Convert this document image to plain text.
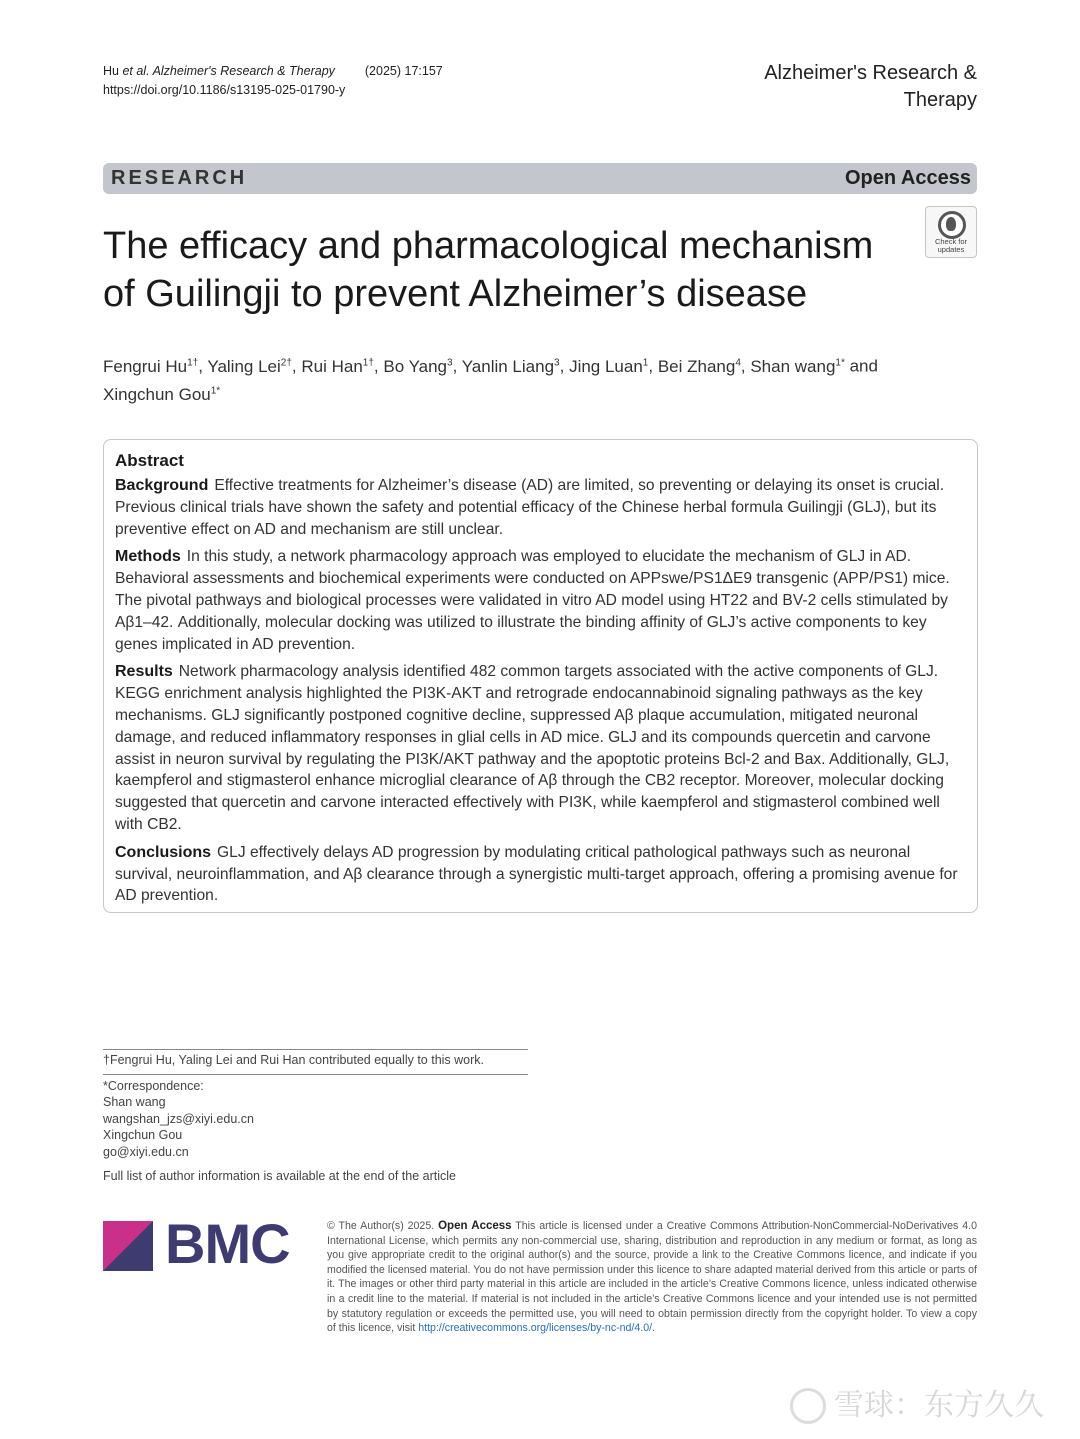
Hu et al. Alzheimer's Research & Therapy (2025) 17:157
https://doi.org/10.1186/s13195-025-01790-y
Alzheimer's Research &
Therapy
RESEARCH	Open Access
The efficacy and pharmacological mechanism
of Guilingji to prevent Alzheimer’s disease
Check for
updates
Fengrui $Hu^{1\dagger}$, Yaling Lei$^{2\dagger}$, Rui Han$^{1\dagger}$, Bo Yang$^3$, Yanlin Liang$^3$, Jing Luan$^1$, Bei Zhang$^4$, Shan wang$^{1*}$ and Xingchun Gou$^{1*}$
Abstract

Background Effective treatments for Alzheimer’s disease (AD) are limited, so preventing or delaying its onset is crucial. Previous clinical trials have shown the safety and potential efficacy of the Chinese herbal formula Guilingji (GLJ), but its preventive effect on AD and mechanism are still unclear.

Methods In this study, a network pharmacology approach was employed to elucidate the mechanism of GLJ in AD. Behavioral assessments and biochemical experiments were conducted on APPswe/PS1ΔE9 transgenic (APP/PS1) mice. The pivotal pathways and biological processes were validated in vitro AD model using HT22 and BV-2 cells stimulated by Aβ1–42. Additionally, molecular docking was utilized to illustrate the binding affinity of GLJ’s active components to key genes implicated in AD prevention.

Results Network pharmacology analysis identified 482 common targets associated with the active components of GLJ. KEGG enrichment analysis highlighted the PI3K-AKT and retrograde endocannabinoid signaling pathways as the key mechanisms. GLJ significantly postponed cognitive decline, suppressed Aβ plaque accumulation, mitigated neuronal damage, and reduced inflammatory responses in glial cells in AD mice. GLJ and its compounds quercetin and carvone assist in neuron survival by regulating the PI3K/AKT pathway and the apoptotic proteins Bcl-2 and Bax. Additionally, GLJ, kaempferol and stigmasterol enhance microglial clearance of Aβ through the CB2 receptor. Moreover, molecular docking suggested that quercetin and carvone interacted effectively with PI3K, while kaempferol and stigmasterol combined well with CB2.

Conclusions GLJ effectively delays AD progression by modulating critical pathological pathways such as neuronal survival, neuroinflammation, and Aβ clearance through a synergistic multi-target approach, offering a promising avenue for AD prevention.

†Fengrui Hu, Yaling Lei and Rui Han contributed equally to this work.
*Correspondence:
Shan wang
wangshan_jzs@xiyi.edu.cn
Xingchun Gou
go@xiyi.edu.cn
Full list of author information is available at the end of the article
BMC	© The Author(s) 2025. Open Access This article is licensed under a Creative Commons Attribution-NonCommercial-NoDerivatives 4.0 International License, which permits any non-commercial use, sharing, distribution and reproduction in any medium or format, as long as you give appropriate credit to the original author(s) and the source, provide a link to the Creative Commons licence, and indicate if you modified the licensed material. You do not have permission under this licence to share adapted material derived from this article or parts of it. The images or other third party material in this article are included in the article’s Creative Commons licence, unless indicated otherwise in a credit line to the material. If material is not included in the article’s Creative Commons licence and your intended use is not permitted by statutory regulation or exceeds the permitted use, you will need to obtain permission directly from the copyright holder. To view a copy of this licence, visit http://creativecommons.org/licenses/by-nc-nd/4.0/.
雪球：东方久久
